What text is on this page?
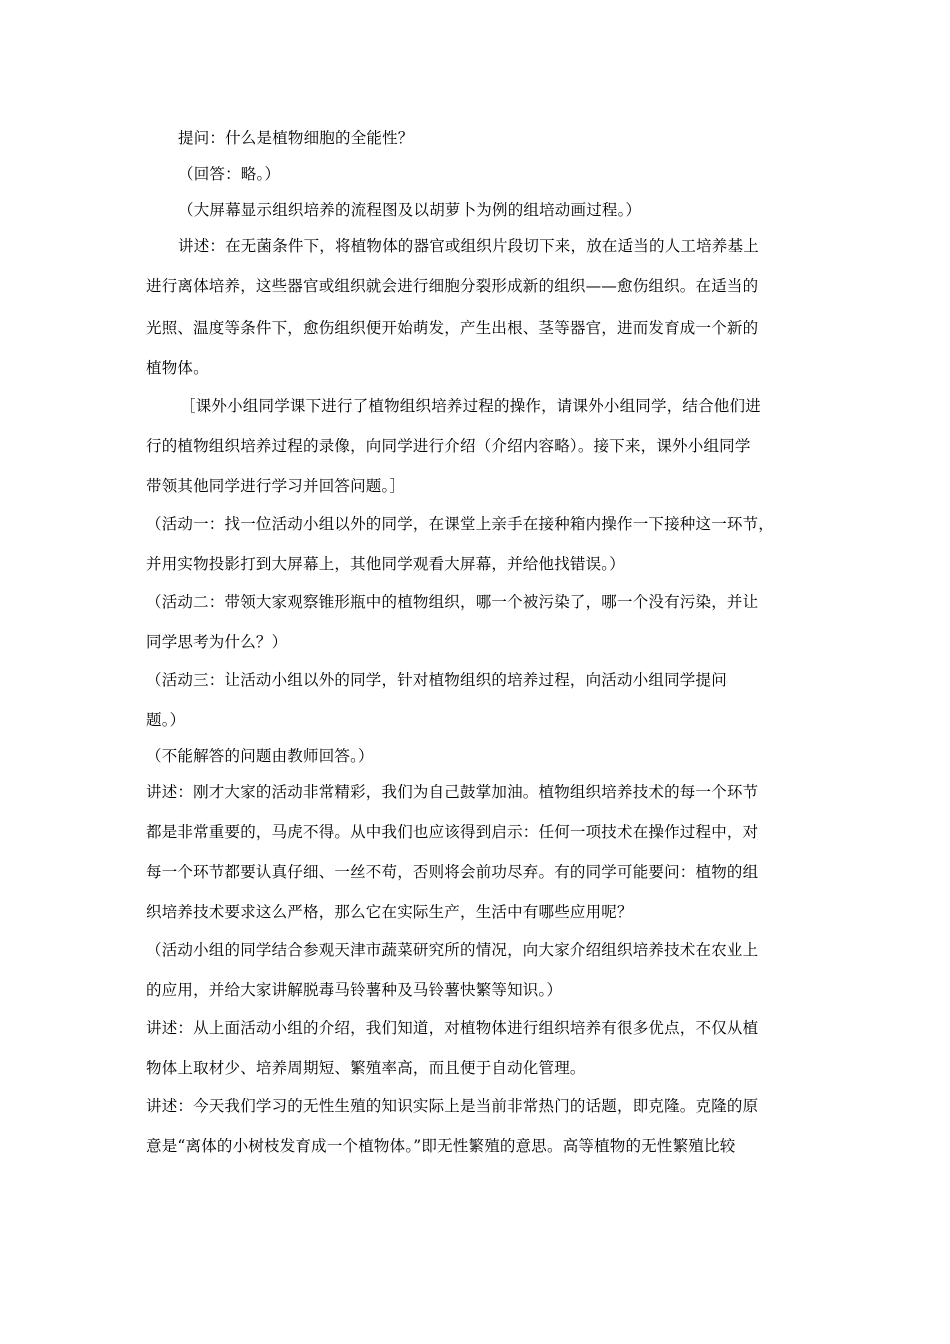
提问：什么是植物细胞的全能性？
（回答：略。）
（大屏幕显示组织培养的流程图及以胡萝卜为例的组培动画过程。）
讲述：在无菌条件下，将植物体的器官或组织片段切下来，放在适当的人工培养基上
进行离体培养，这些器官或组织就会进行细胞分裂形成新的组织——愈伤组织。在适当的
光照、温度等条件下，愈伤组织便开始萌发，产生出根、茎等器官，进而发育成一个新的
植物体。
［课外小组同学课下进行了植物组织培养过程的操作，请课外小组同学，结合他们进
行的植物组织培养过程的录像，向同学进行介绍（介绍内容略）。接下来，课外小组同学
带领其他同学进行学习并回答问题。］
（活动一：找一位活动小组以外的同学，在课堂上亲手在接种箱内操作一下接种这一环节，
并用实物投影打到大屏幕上，其他同学观看大屏幕，并给他找错误。）
（活动二：带领大家观察锥形瓶中的植物组织，哪一个被污染了，哪一个没有污染，并让
同学思考为什么？）
（活动三：让活动小组以外的同学，针对植物组织的培养过程，向活动小组同学提问
题。）
（不能解答的问题由教师回答。）
讲述：刚才大家的活动非常精彩，我们为自己鼓掌加油。植物组织培养技术的每一个环节
都是非常重要的，马虎不得。从中我们也应该得到启示：任何一项技术在操作过程中，对
每一个环节都要认真仔细、一丝不苟，否则将会前功尽弃。有的同学可能要问：植物的组
织培养技术要求这么严格，那么它在实际生产，生活中有哪些应用呢？
（活动小组的同学结合参观天津市蔬菜研究所的情况，向大家介绍组织培养技术在农业上
的应用，并给大家讲解脱毒马铃薯种及马铃薯快繁等知识。）
讲述：从上面活动小组的介绍，我们知道，对植物体进行组织培养有很多优点，不仅从植
物体上取材少、培养周期短、繁殖率高，而且便于自动化管理。
讲述：今天我们学习的无性生殖的知识实际上是当前非常热门的话题，即克隆。克隆的原
意是“离体的小树枝发育成一个植物体。”即无性繁殖的意思。高等植物的无性繁殖比较
